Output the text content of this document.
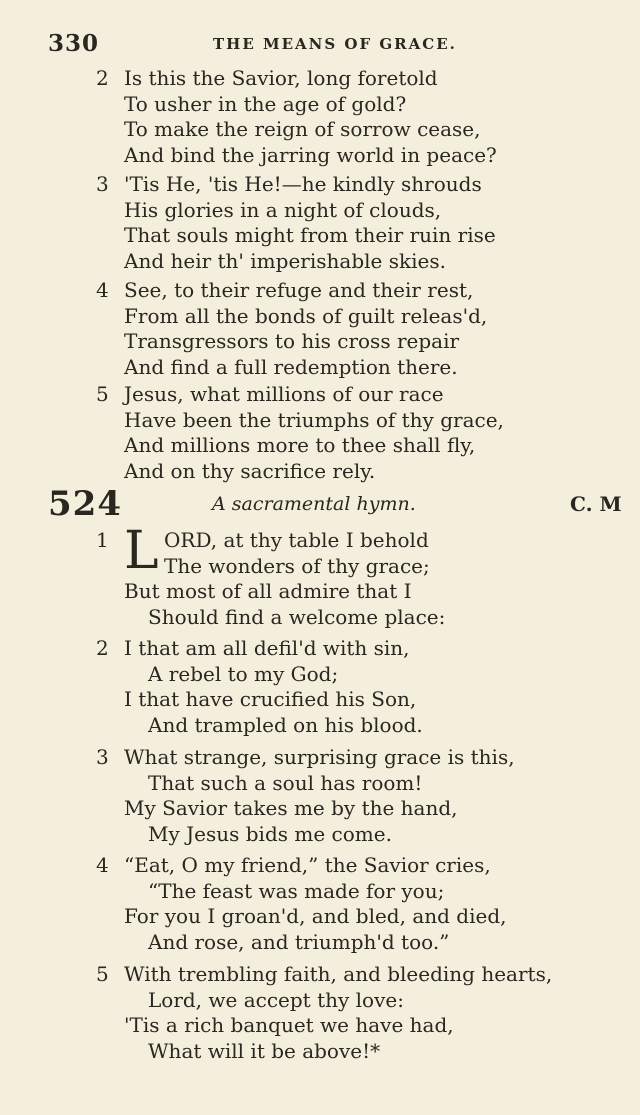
330	THE MEANS OF GRACE.
2 Is this the Savior, long foretold
To usher in the age of gold?
To make the reign of sorrow cease,
And bind the jarring world in peace?
3 'Tis He, 'tis He!—he kindly shrouds
His glories in a night of clouds,
That souls might from their ruin rise
And heir th' imperishable skies.
4 See, to their refuge and their rest,
From all the bonds of guilt releas'd,
Transgressors to his cross repair
And find a full redemption there.
5 Jesus, what millions of our race
Have been the triumphs of thy grace,
And millions more to thee shall fly,
And on thy sacrifice rely.
524	A sacramental hymn.	C. M
L
1	ORD, at thy table I behold
The wonders of thy grace;
But most of all admire that I
Should find a welcome place:
2 I that am all defil'd with sin,
A rebel to my God;
I that have crucified his Son,
And trampled on his blood.
3 What strange, surprising grace is this,
That such a soul has room!
My Savior takes me by the hand,
My Jesus bids me come.
4 “Eat, O my friend,” the Savior cries,
“The feast was made for you;
For you I groan'd, and bled, and died,
And rose, and triumph'd too.”
5 With trembling faith, and bleeding hearts,
Lord, we accept thy love:
'Tis a rich banquet we have had,
What will it be above!*
